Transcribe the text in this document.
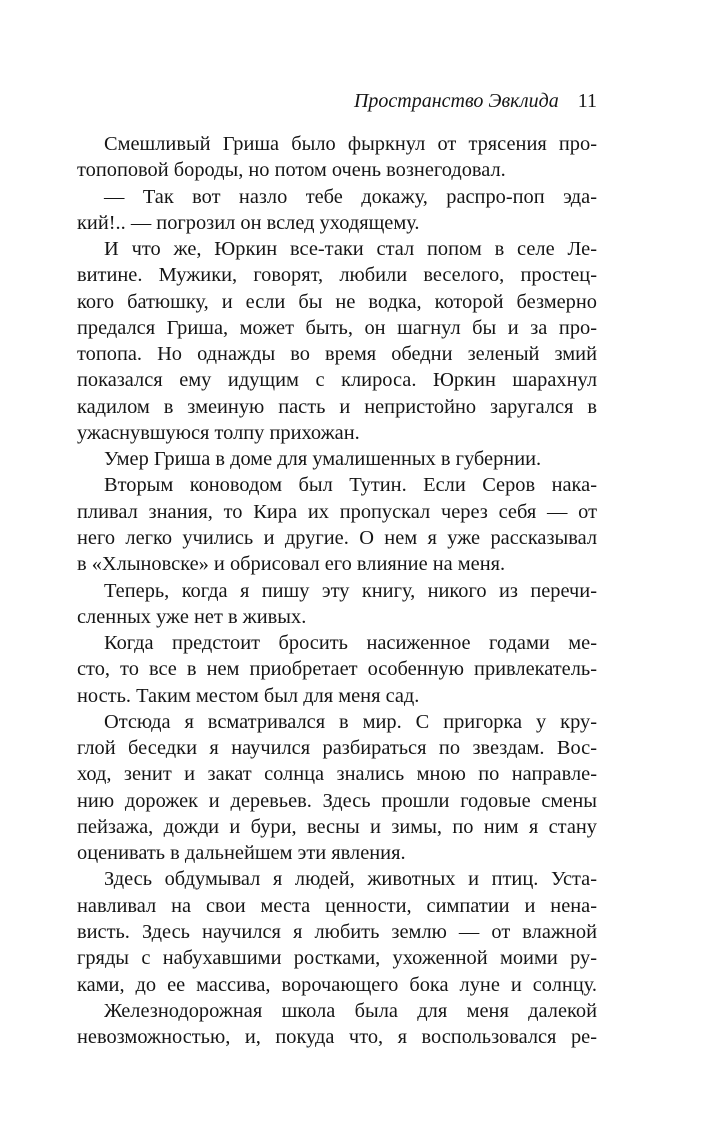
Пространство Эвклида 11
Смешливый Гриша было фыркнул от трясения про-
топоповой бороды, но потом очень вознегодовал.
— Так вот назло тебе докажу, распро-поп эда-
кий!.. — погрозил он вслед уходящему.
И что же, Юркин все-таки стал попом в селе Ле-
витине. Мужики, говорят, любили веселого, простец-
кого батюшку, и если бы не водка, которой безмерно
предался Гриша, может быть, он шагнул бы и за про-
топопа. Но однажды во время обедни зеленый змий
показался ему идущим с клироса. Юркин шарахнул
кадилом в змеиную пасть и непристойно заругался в
ужаснувшуюся толпу прихожан.
Умер Гриша в доме для умалишенных в губернии.
Вторым коноводом был Тутин. Если Серов нака-
пливал знания, то Кира их пропускал через себя — от
него легко учились и другие. О нем я уже рассказывал
в «Хлыновске» и обрисовал его влияние на меня.
Теперь, когда я пишу эту книгу, никого из перечи-
сленных уже нет в живых.
Когда предстоит бросить насиженное годами ме-
сто, то все в нем приобретает особенную привлекатель-
ность. Таким местом был для меня сад.
Отсюда я всматривался в мир. С пригорка у кру-
глой беседки я научился разбираться по звездам. Вос-
ход, зенит и закат солнца знались мною по направле-
нию дорожек и деревьев. Здесь прошли годовые смены
пейзажа, дожди и бури, весны и зимы, по ним я стану
оценивать в дальнейшем эти явления.
Здесь обдумывал я людей, животных и птиц. Уста-
навливал на свои места ценности, симпатии и нена-
висть. Здесь научился я любить землю — от влажной
гряды с набухавшими ростками, ухоженной моими ру-
ками, до ее массива, ворочающего бока луне и солнцу.
Железнодорожная школа была для меня далекой
невозможностью, и, покуда что, я воспользовался ре-
